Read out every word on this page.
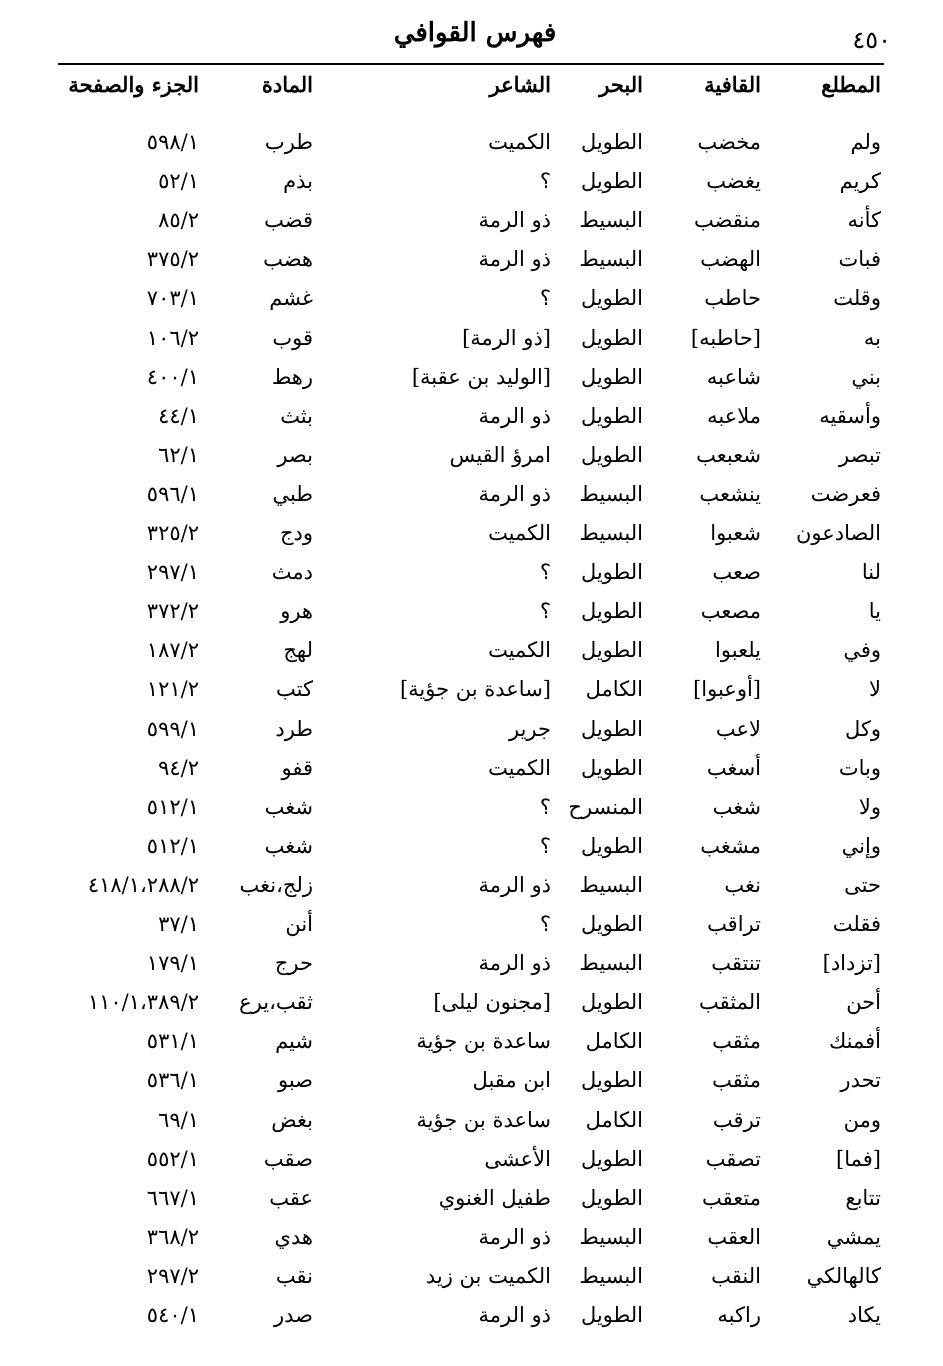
فهرس القوافي	٤٥٠
المطلع
القافية
البحر
الشاعر
المادة
الجزء والصفحة
ولم
مخضب
الطويل
الكميت
طرب
٥٩٨/١
كريم
يغضب
الطويل
؟
بذم
٥٢/١
كأنه
منقضب
البسيط
ذو الرمة
قضب
٨٥/٢
فبات
الهضب
البسيط
ذو الرمة
هضب
٣٧٥/٢
وقلت
حاطب
الطويل
؟
غشم
٧٠٣/١
به
[حاطبه]
الطويل
[ذو الرمة]
قوب
١٠٦/٢
بني
شاعبه
الطويل
[الوليد بن عقبة]
رهط
٤٠٠/١
وأسقيه
ملاعبه
الطويل
ذو الرمة
بثث
٤٤/١
تبصر
شعبعب
الطويل
امرؤ القيس
بصر
٦٢/١
فعرضت
ينشعب
البسيط
ذو الرمة
طبي
٥٩٦/١
الصادعون
شعبوا
البسيط
الكميت
ودج
٣٢٥/٢
لنا
صعب
الطويل
؟
دمث
٢٩٧/١
يا
مصعب
الطويل
؟
هرو
٣٧٢/٢
وفي
يلعبوا
الطويل
الكميت
لهج
١٨٧/٢
لا
[أوعبوا]
الكامل
[ساعدة بن جؤية]
كتب
١٢١/٢
وكل
لاعب
الطويل
جرير
طرد
٥٩٩/١
وبات
أسغب
الطويل
الكميت
قفو
٩٤/٢
ولا
شغب
المنسرح
؟
شغب
٥١٢/١
وإني
مشغب
الطويل
؟
شغب
٥١٢/١
حتى
نغب
البسيط
ذو الرمة
زلج،نغب
٤١٨/١،٢٨٨/٢
فقلت
تراقب
الطويل
؟
أنن
٣٧/١
[تزداد]
تنتقب
البسيط
ذو الرمة
حرج
١٧٩/١
أحن
المثقب
الطويل
[مجنون ليلى]
ثقب،يرع
١١٠/١،٣٨٩/٢
أفمنك
مثقب
الكامل
ساعدة بن جؤية
شيم
٥٣١/١
تحدر
مثقب
الطويل
ابن مقبل
صبو
٥٣٦/١
ومن
ترقب
الكامل
ساعدة بن جؤية
بغض
٦٩/١
[فما]
تصقب
الطويل
الأعشى
صقب
٥٥٢/١
تتابع
متعقب
الطويل
طفيل الغنوي
عقب
٦٦٧/١
يمشي
العقب
البسيط
ذو الرمة
هدي
٣٦٨/٢
كالهالكي
النقب
البسيط
الكميت بن زيد
نقب
٢٩٧/٢
يكاد
راكبه
الطويل
ذو الرمة
صدر
٥٤٠/١
